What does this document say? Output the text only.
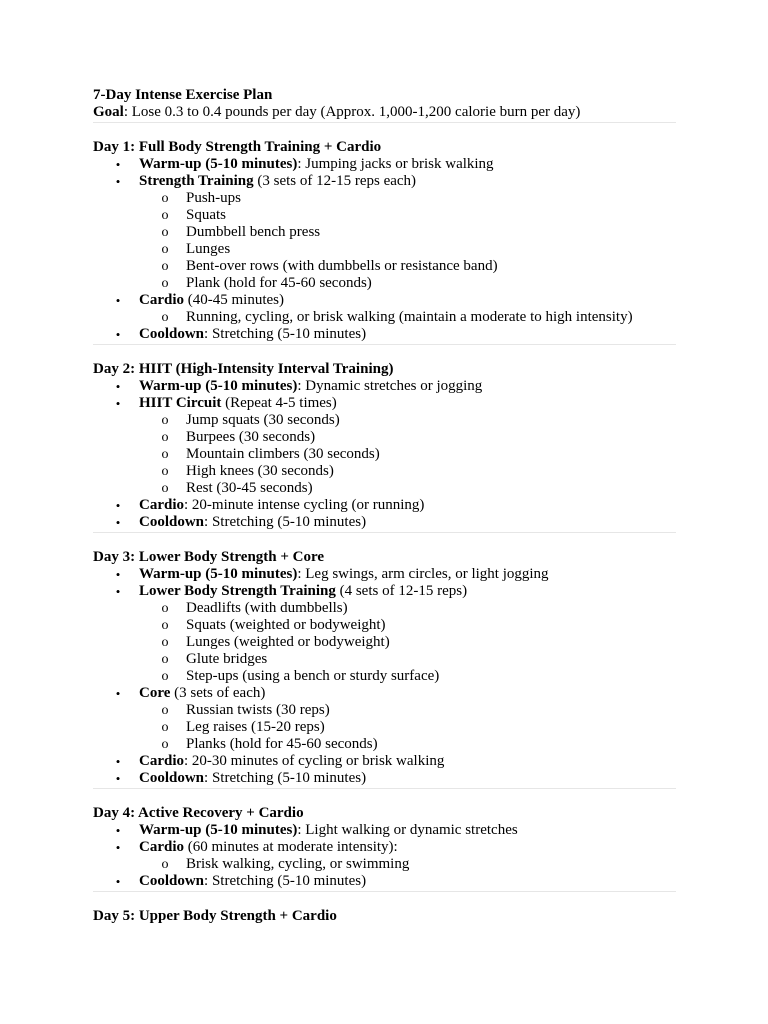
7-Day Intense Exercise Plan
Goal: Lose 0.3 to 0.4 pounds per day (Approx. 1,000-1,200 calorie burn per day)
Day 1: Full Body Strength Training + Cardio
• Warm-up (5-10 minutes): Jumping jacks or brisk walking
• Strength Training (3 sets of 12-15 reps each)
o Push-ups
o Squats
o Dumbbell bench press
o Lunges
o Bent-over rows (with dumbbells or resistance band)
o Plank (hold for 45-60 seconds)
• Cardio (40-45 minutes)
o Running, cycling, or brisk walking (maintain a moderate to high intensity)
• Cooldown: Stretching (5-10 minutes)
Day 2: HIIT (High-Intensity Interval Training)
• Warm-up (5-10 minutes): Dynamic stretches or jogging
• HIIT Circuit (Repeat 4-5 times)
o Jump squats (30 seconds)
o Burpees (30 seconds)
o Mountain climbers (30 seconds)
o High knees (30 seconds)
o Rest (30-45 seconds)
• Cardio: 20-minute intense cycling (or running)
• Cooldown: Stretching (5-10 minutes)
Day 3: Lower Body Strength + Core
• Warm-up (5-10 minutes): Leg swings, arm circles, or light jogging
• Lower Body Strength Training (4 sets of 12-15 reps)
o Deadlifts (with dumbbells)
o Squats (weighted or bodyweight)
o Lunges (weighted or bodyweight)
o Glute bridges
o Step-ups (using a bench or sturdy surface)
• Core (3 sets of each)
o Russian twists (30 reps)
o Leg raises (15-20 reps)
o Planks (hold for 45-60 seconds)
• Cardio: 20-30 minutes of cycling or brisk walking
• Cooldown: Stretching (5-10 minutes)
Day 4: Active Recovery + Cardio
• Warm-up (5-10 minutes): Light walking or dynamic stretches
• Cardio (60 minutes at moderate intensity):
o Brisk walking, cycling, or swimming
• Cooldown: Stretching (5-10 minutes)
Day 5: Upper Body Strength + Cardio
